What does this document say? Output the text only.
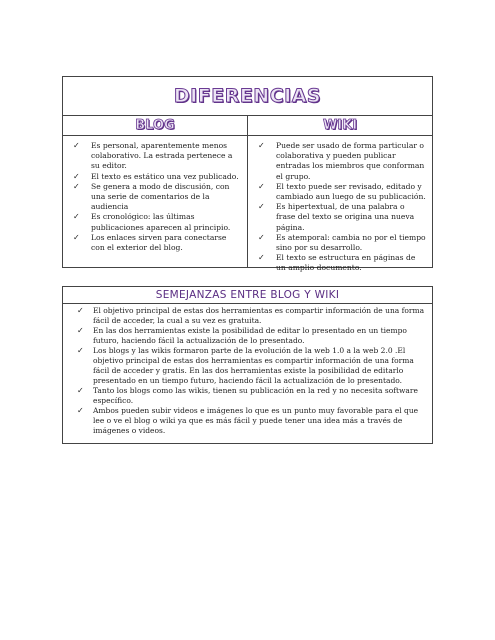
DIFERENCIAS
BLOG	WIKI
✓ Es personal, aparentemente menos colaborativo. La estrada pertenece a su editor.
✓ El texto es estático una vez publicado.
✓ Se genera a modo de discusión, con una serie de comentarios de la audiencia
✓ Es cronológico: las últimas publicaciones aparecen al principio.
✓ Los enlaces sirven para conectarse con el exterior del blog.
✓ Puede ser usado de forma particular o colaborativa y pueden publicar entradas los miembros que conforman el grupo.
✓ El texto puede ser revisado, editado y cambiado aun luego de su publicación.
✓ Es hipertextual, de una palabra o frase del texto se origina una nueva página.
✓ Es atemporal: cambia no por el tiempo sino por su desarrollo.
✓ El texto se estructura en páginas de un amplio documento.
SEMEJANZAS ENTRE BLOG Y WIKI
✓ El objetivo principal de estas dos herramientas es compartir información de una forma fácil de acceder, la cual a su vez es gratuita.
✓ En las dos herramientas existe la posibilidad de editar lo presentado en un tiempo futuro, haciendo fácil la actualización de lo presentado.
✓ Los blogs y las wikis formaron parte de la evolución de la web 1.0 a la web 2.0 .El objetivo principal de estas dos herramientas es compartir información de una forma fácil de acceder y gratis. En las dos herramientas existe la posibilidad de editarlo presentado en un tiempo futuro, haciendo fácil la actualización de lo presentado.
✓ Tanto los blogs como las wikis, tienen su publicación en la red y no necesita software específico.
✓ Ambos pueden subir videos e imágenes lo que es un punto muy favorable para el que lee o ve el blog o wiki ya que es más fácil y puede tener una idea más a través de imágenes o videos.
